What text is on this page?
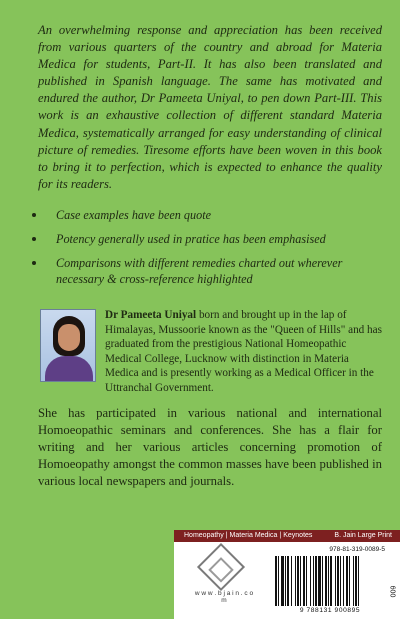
An overwhelming response and appreciation has been received from various quarters of the country and abroad for Materia Medica for students, Part-II. It has also been translated and published in Spanish language. The same has motivated and endured the author, Dr Pameeta Uniyal, to pen down Part-III. This work is an exhaustive collection of different standard Materia Medica, systematically arranged for easy understanding of clinical picture of remedies. Tiresome efforts have been woven in this book to bring it to perfection, which is expected to enhance the quality for its readers.
Case examples have been quote
Potency generally used in pratice has been emphasised
Comparisons with different remedies charted out wherever necessary & cross-reference highlighted

Dr Pameeta Uniyal born and brought up in the lap of Himalayas, Mussoorie known as the "Queen of Hills" and has graduated from the prestigious National Homeopathic Medical College, Lucknow with distinction in Materia Medica and is presently working as a Medical Officer in the Uttranchal Government.

She has participated in various national and international Homoeopathic seminars and conferences. She has a flair for writing and her various articles concerning promotion of Homoeopathy amongst the common masses have been published in various local newspapers and journals.

Homeopathy | Materia Medica | Keynotes	B. Jain Large Print
w w w . b j a i n . c o m
978-81-319-0089-5
9 788131 900895
600
